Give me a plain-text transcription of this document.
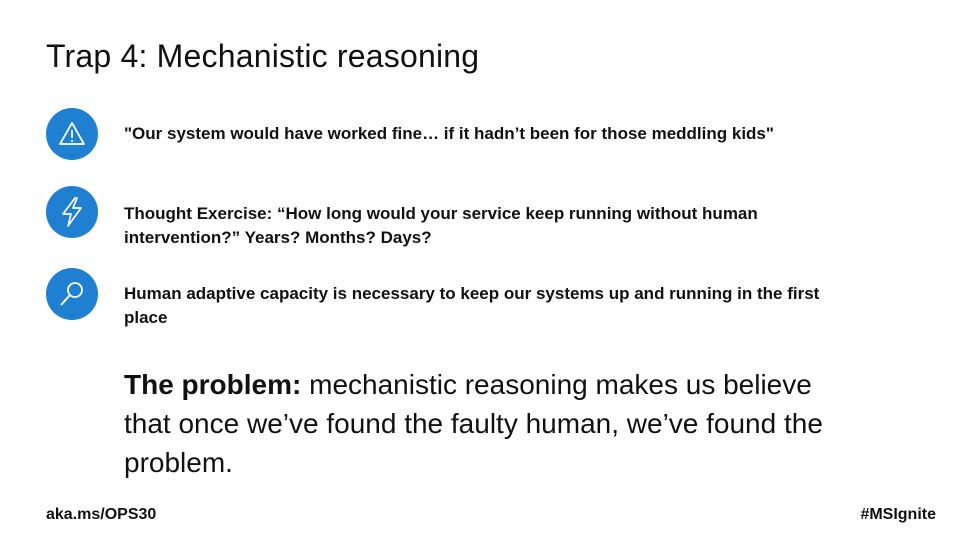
Trap 4: Mechanistic reasoning
"Our system would have worked fine… if it hadn’t been for those meddling kids"
Thought Exercise: “How long would your service keep running without human intervention?” Years? Months? Days?
Human adaptive capacity is necessary to keep our systems up and running in the first place
The problem: mechanistic reasoning makes us believe that once we’ve found the faulty human, we’ve found the problem.
aka.ms/OPS30	#MSIgnite
